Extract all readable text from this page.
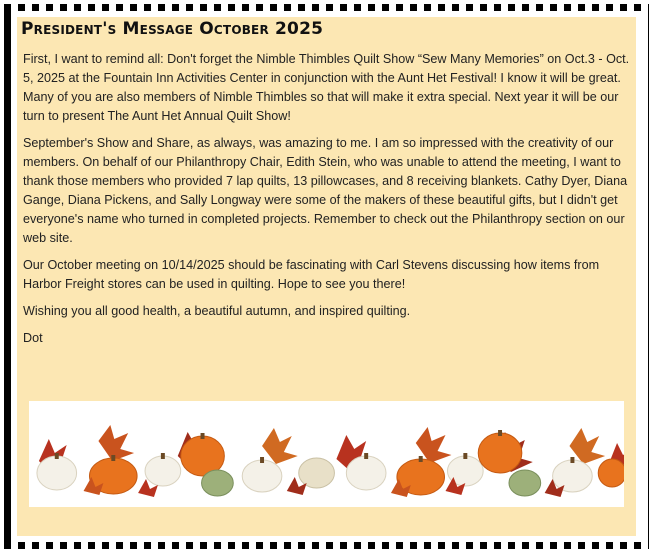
President's Message October 2025

First, I want to remind all: Don't forget the Nimble Thimbles Quilt Show “Sew Many Memories” on Oct.3 - Oct. 5, 2025 at the Fountain Inn Activities Center in conjunction with the Aunt Het Festival! I know it will be great. Many of you are also members of Nimble Thimbles so that will make it extra special. Next year it will be our turn to present The Aunt Het Annual Quilt Show!

September's Show and Share, as always, was amazing to me. I am so impressed with the creativity of our members. On behalf of our Philanthropy Chair, Edith Stein, who was unable to attend the meeting, I want to thank those members who provided 7 lap quilts, 13 pillowcases, and 8 receiving blankets. Cathy Dyer, Diana Gange, Diana Pickens, and Sally Longway were some of the makers of these beautiful gifts, but I didn't get everyone's name who turned in completed projects. Remember to check out the Philanthropy section on our web site.

Our October meeting on 10/14/2025 should be fascinating with Carl Stevens discussing how items from Harbor Freight stores can be used in quilting. Hope to see you there!

Wishing you all good health, a beautiful autumn, and inspired quilting.

Dot
